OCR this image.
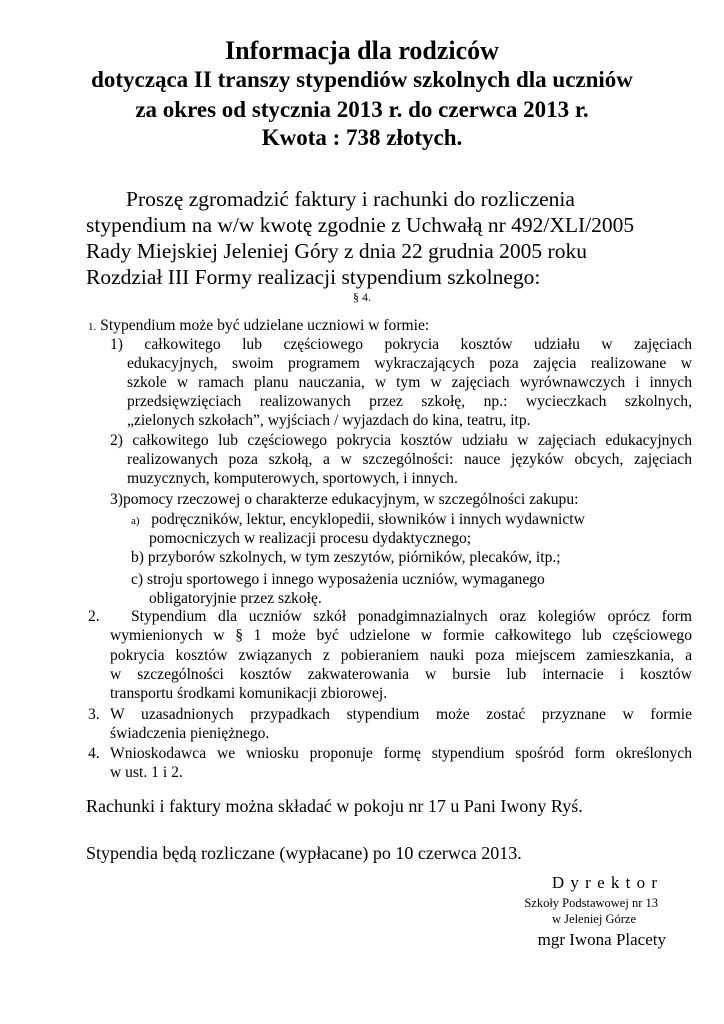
Informacja dla rodziców
dotycząca II transzy stypendiów szkolnych dla uczniów
za okres od stycznia 2013 r. do czerwca 2013 r.
Kwota : 738 złotych.
Proszę zgromadzić faktury i rachunki do rozliczenia
stypendium na w/w kwotę zgodnie z Uchwałą nr 492/XLI/2005
Rady Miejskiej Jeleniej Góry z dnia 22 grudnia 2005 roku
Rozdział III Formy realizacji stypendium szkolnego:
§ 4.
1. Stypendium może być udzielane uczniowi w formie:
1) całkowitego lub częściowego pokrycia kosztów udziału w zajęciach
edukacyjnych, swoim programem wykraczających poza zajęcia realizowane w
szkole w ramach planu nauczania, w tym w zajęciach wyrównawczych i innych
przedsięwzięciach realizowanych przez szkołę, np.: wycieczkach szkolnych,
„zielonych szkołach”, wyjściach / wyjazdach do kina, teatru, itp.
2) całkowitego lub częściowego pokrycia kosztów udziału w zajęciach edukacyjnych
realizowanych poza szkołą, a w szczególności: nauce języków obcych, zajęciach
muzycznych, komputerowych, sportowych, i innych.
3)pomocy rzeczowej o charakterze edukacyjnym, w szczególności zakupu:
a) podręczników, lektur, encyklopedii, słowników i innych wydawnictw
pomocniczych w realizacji procesu dydaktycznego;
b) przyborów szkolnych, w tym zeszytów, piórników, plecaków, itp.;
c) stroju sportowego i innego wyposażenia uczniów, wymaganego
obligatoryjnie przez szkołę.
2. Stypendium dla uczniów szkół ponadgimnazialnych oraz kolegiów oprócz form
wymienionych w § 1 może być udzielone w formie całkowitego lub częściowego
pokrycia kosztów związanych z pobieraniem nauki poza miejscem zamieszkania, a
w szczególności kosztów zakwaterowania w bursie lub internacie i kosztów
transportu środkami komunikacji zbiorowej.
3. W uzasadnionych przypadkach stypendium może zostać przyznane w formie
świadczenia pieniężnego.
4. Wnioskodawca we wniosku proponuje formę stypendium spośród form określonych
w ust. 1 i 2.
Rachunki i faktury można składać w pokoju nr 17 u Pani Iwony Ryś.
Stypendia będą rozliczane (wypłacane) po 10 czerwca 2013.
D y r e k t o r
Szkoły Podstawowej nr 13
w Jeleniej Górze
mgr Iwona Placety
